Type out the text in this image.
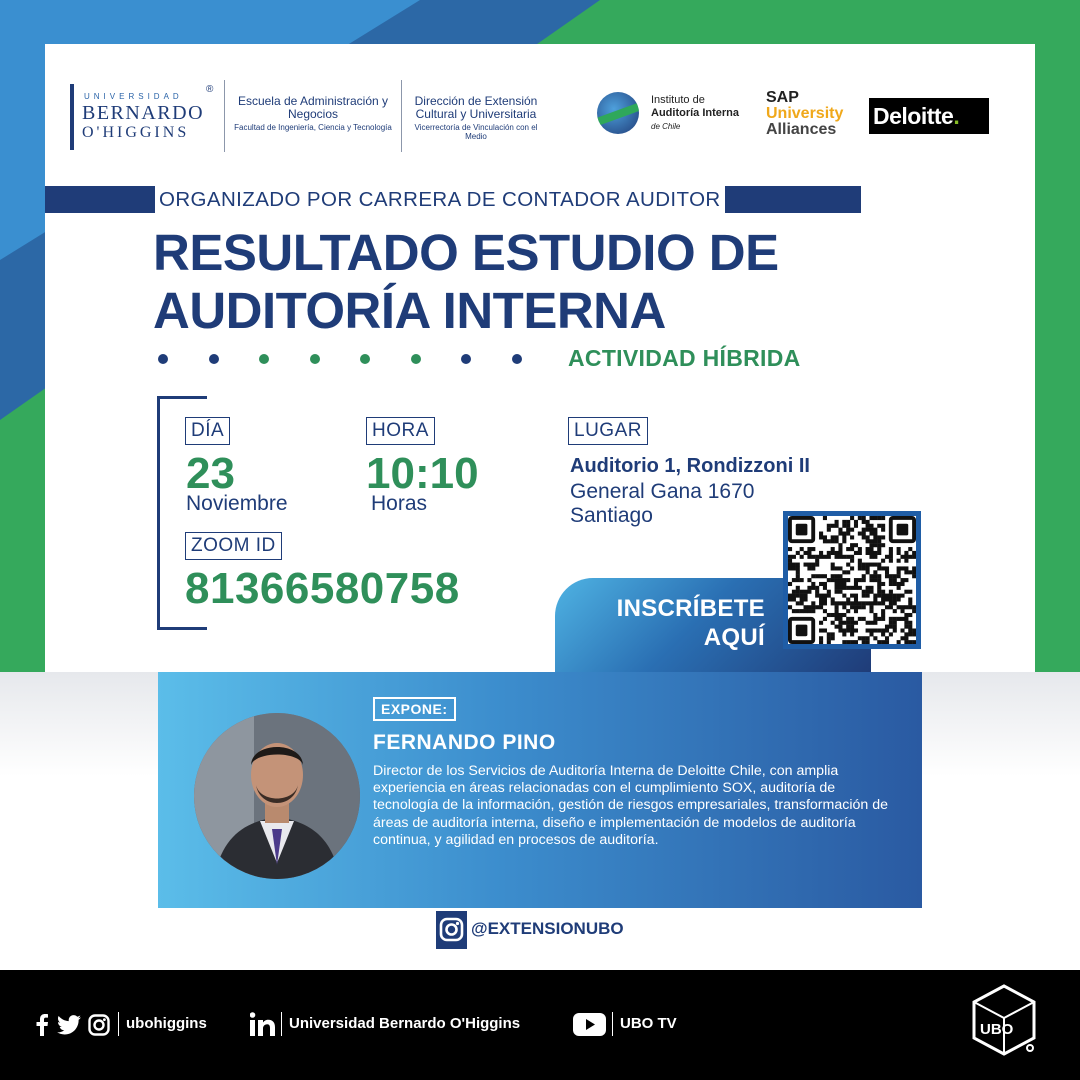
UNIVERSIDAD
BERNARDO
O'HIGGINS
®
Escuela de Administración y Negocios
Facultad de Ingeniería, Ciencia y Tecnología
Dirección de Extensión Cultural y Universitaria
Vicerrectoría de Vinculación con el Medio
Instituto de
Auditoría Interna
de Chile
SAP
University
Alliances
Deloitte.
ORGANIZADO POR CARRERA DE CONTADOR AUDITOR
RESULTADO ESTUDIO DE
AUDITORÍA INTERNA
ACTIVIDAD HÍBRIDA
DÍA
23
Noviembre
HORA
10:10
Horas
LUGAR
Auditorio 1, Rondizzoni II
General Gana 1670
Santiago
ZOOM ID
81366580758	INSCRÍBETE
AQUÍ
EXPONE:
FERNANDO PINO
Director de los Servicios de Auditoría Interna de Deloitte Chile, con amplia experiencia en áreas relacionadas con el cumplimiento SOX, auditoría de tecnología de la información, gestión de riesgos empresariales, transformación de áreas de auditoría interna, diseño e implementación de modelos de auditoría continua, y agilidad en procesos de auditoría.
@EXTENSIONUBO
ubohiggins	Universidad Bernardo O'Higgins	UBO TV	UBO
